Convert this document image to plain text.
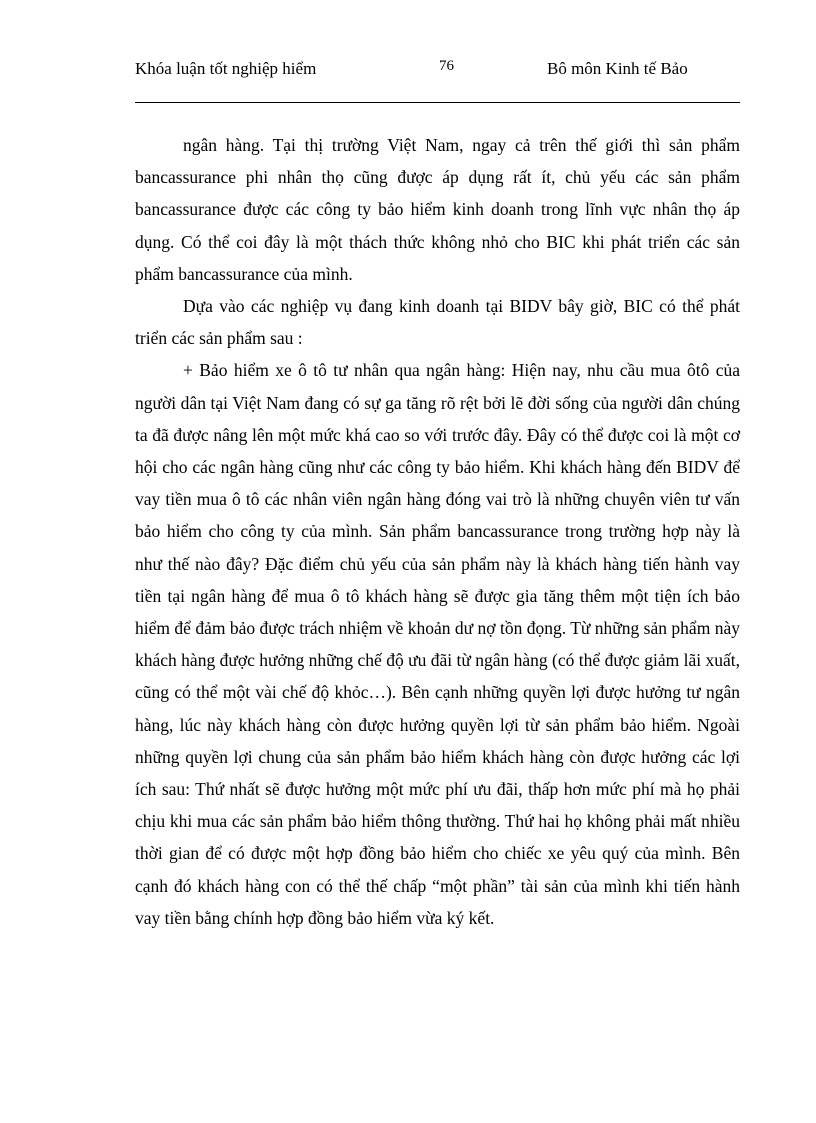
Khóa luận tốt nghiệp hiểm	76	Bô môn Kinh tế Bảo

ngân hàng. Tại thị trường Việt Nam, ngay cả trên thế giới thì sản phẩm bancassurance phi nhân thọ cũng được áp dụng rất ít, chủ yếu các sản phẩm bancassurance được các công ty bảo hiểm kinh doanh trong lĩnh vực nhân thọ áp dụng. Có thể coi đây là một thách thức không nhỏ cho BIC khi phát triển các sản phẩm bancassurance của mình.

Dựa vào các nghiệp vụ đang kinh doanh tại BIDV bây giờ, BIC có thể phát triển các sản phẩm sau :

+ Bảo hiểm xe ô tô tư nhân qua ngân hàng: Hiện nay, nhu cầu mua ôtô của người dân tại Việt Nam đang có sự ga tăng rõ rệt bởi lẽ đời sống của người dân chúng ta đã được nâng lên một mức khá cao so với trước đây. Đây có thể được coi là một cơ hội cho các ngân hàng cũng như các công ty bảo hiểm. Khi khách hàng đến BIDV để vay tiền mua ô tô các nhân viên ngân hàng đóng vai trò là những chuyên viên tư vấn bảo hiểm cho công ty của mình. Sản phẩm bancassurance trong trường hợp này là như thế nào đây? Đặc điểm chủ yếu của sản phẩm này là khách hàng tiến hành vay tiền tại ngân hàng để mua ô tô khách hàng sẽ được gia tăng thêm một tiện ích bảo hiểm để đảm bảo được trách nhiệm về khoản dư nợ tồn đọng. Từ những sản phẩm này khách hàng được hưởng những chế độ ưu đãi từ ngân hàng (có thể được giảm lãi xuất, cũng có thể một vài chế độ khỏc…). Bên cạnh những quyền lợi được hưởng tư ngân hàng, lúc này khách hàng còn được hưởng quyền lợi từ sản phẩm bảo hiểm. Ngoài những quyền lợi chung của sản phẩm bảo hiểm khách hàng còn được hưởng các lợi ích sau: Thứ nhất sẽ được hưởng một mức phí ưu đãi, thấp hơn mức phí mà họ phải chịu khi mua các sản phẩm bảo hiểm thông thường. Thứ hai họ không phải mất nhiều thời gian để có được một hợp đồng bảo hiểm cho chiếc xe yêu quý của mình. Bên cạnh đó khách hàng con có thể thế chấp “một phần” tài sản của mình khi tiến hành vay tiền bằng chính hợp đồng bảo hiểm vừa ký kết.
